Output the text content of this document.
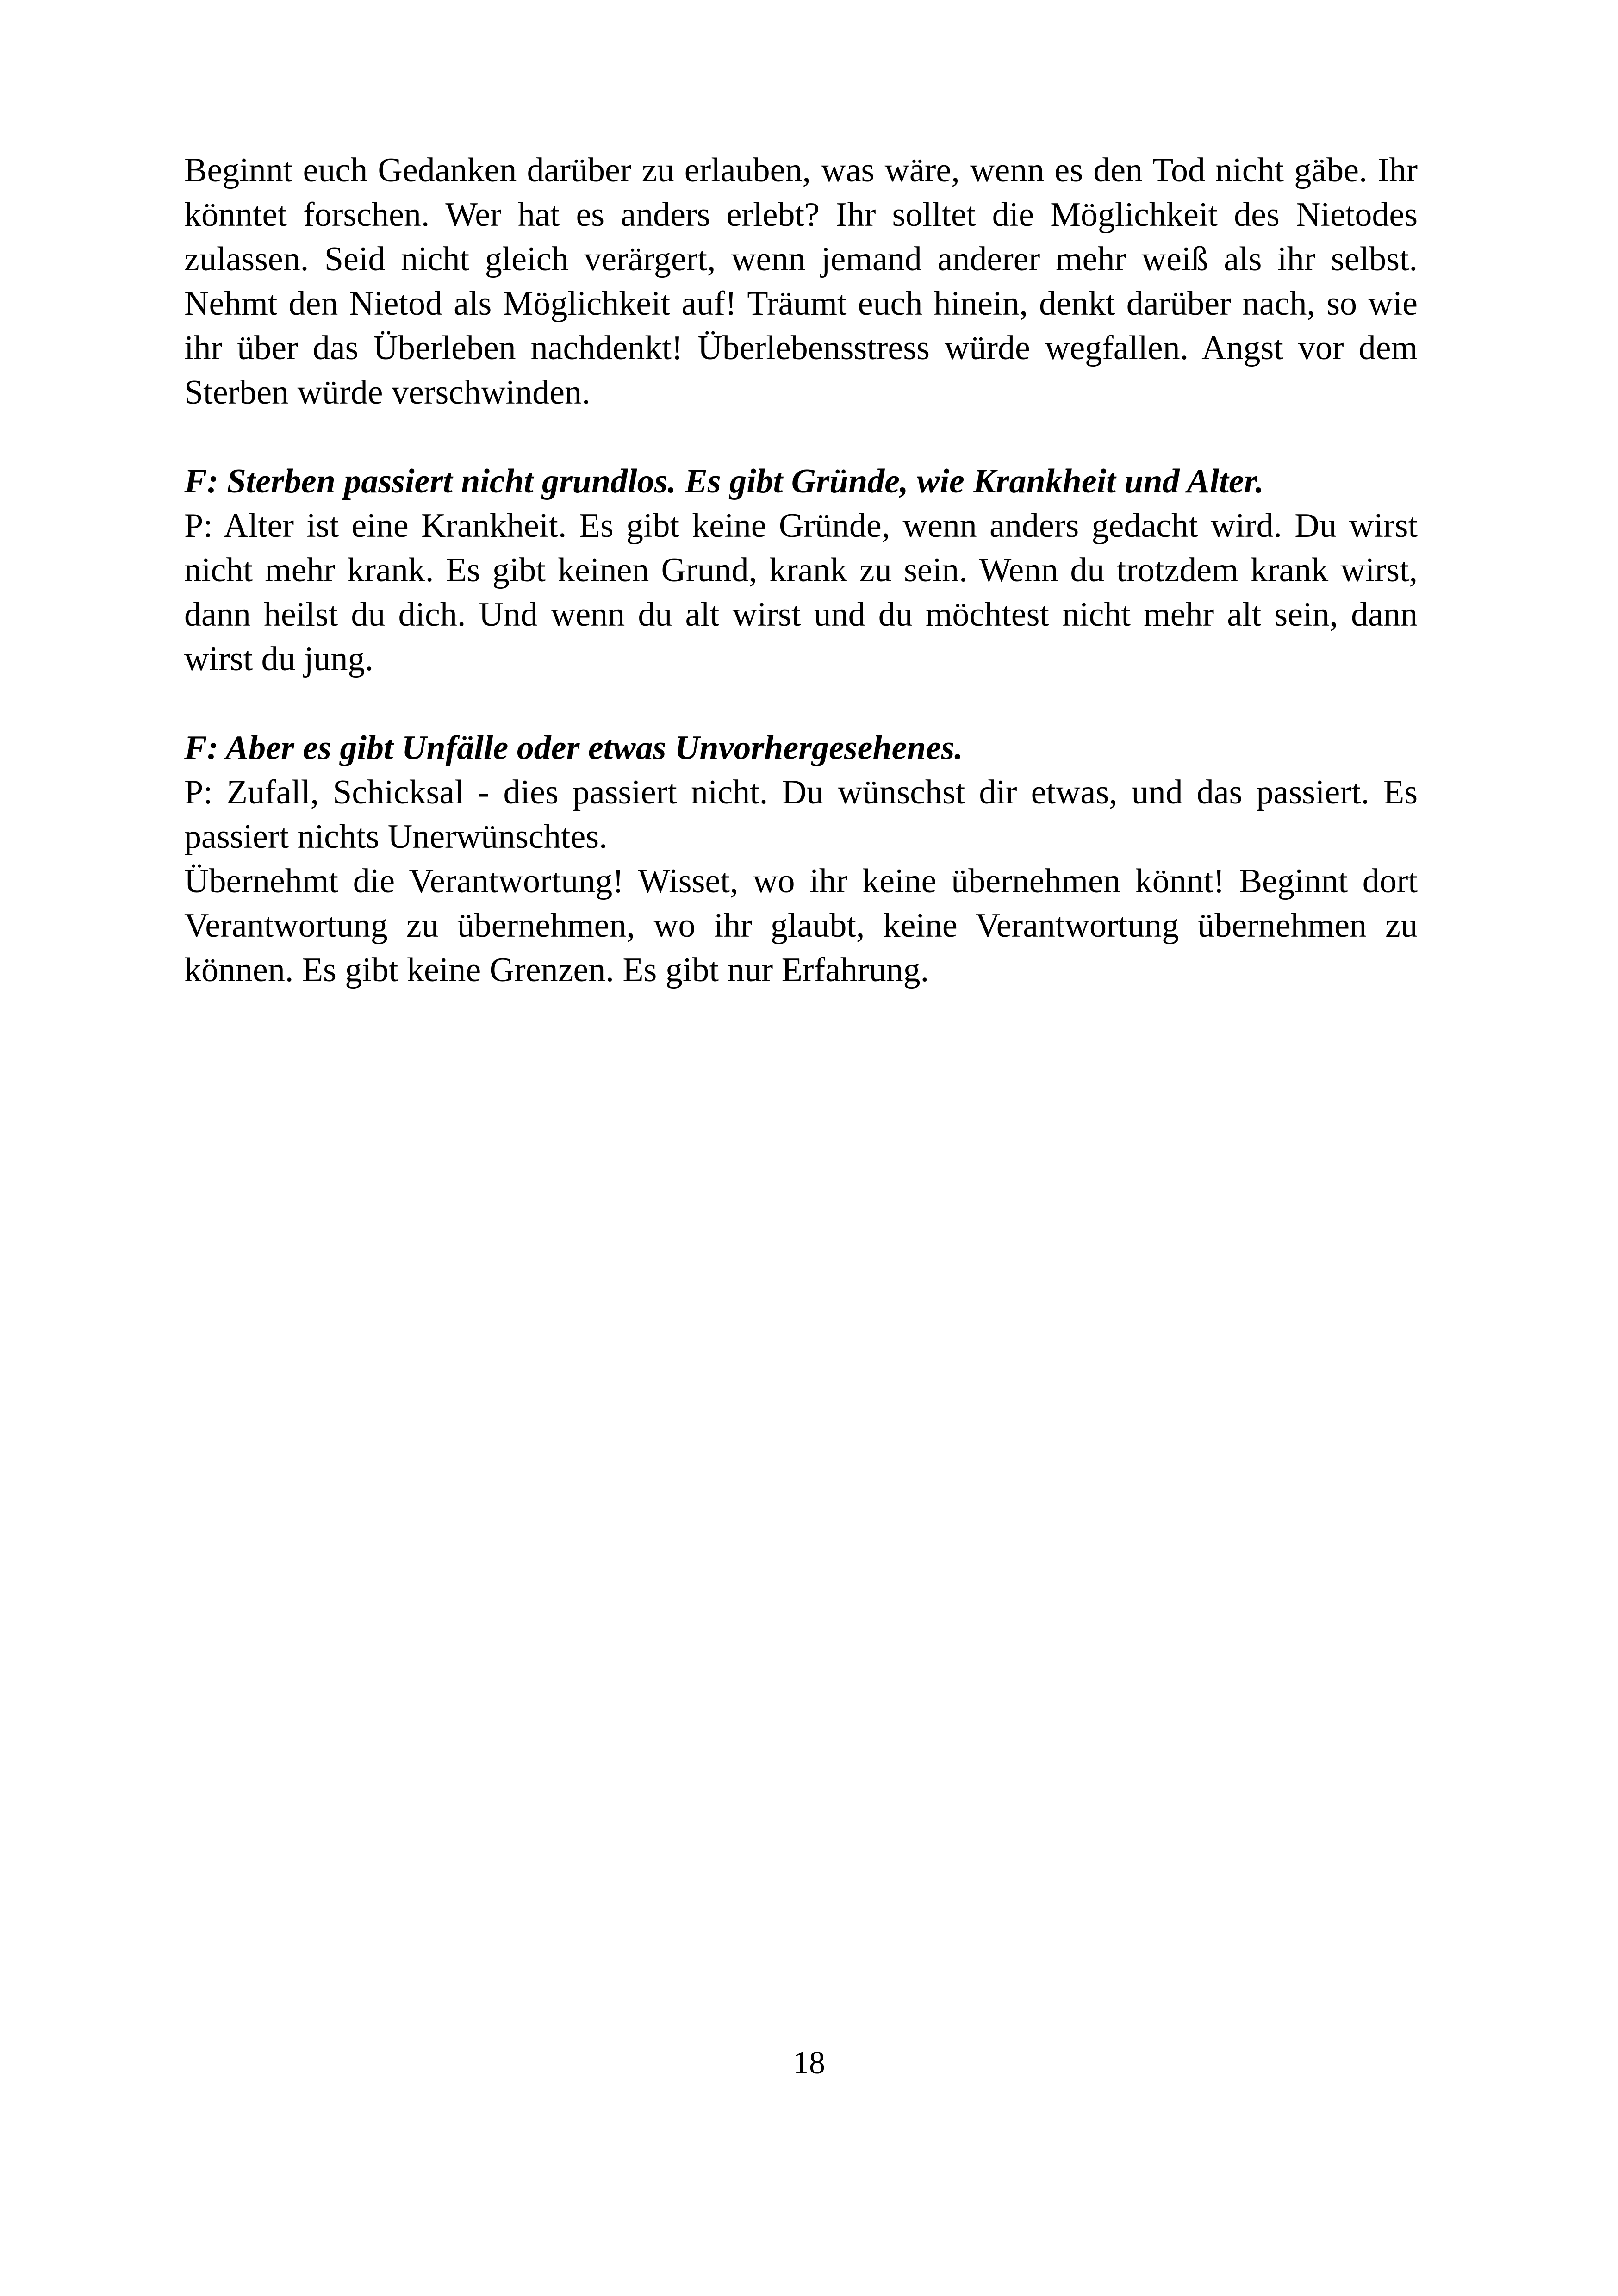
Beginnt euch Gedanken darüber zu erlauben, was wäre, wenn es den Tod nicht gäbe. Ihr könntet forschen. Wer hat es anders erlebt? Ihr solltet die Möglichkeit des Nietodes zulassen. Seid nicht gleich verärgert, wenn jemand anderer mehr weiß als ihr selbst. Nehmt den Nietod als Möglichkeit auf! Träumt euch hinein, denkt darüber nach, so wie ihr über das Überleben nachdenkt! Überlebensstress würde wegfallen. Angst vor dem Sterben würde verschwinden.

F: Sterben passiert nicht grundlos. Es gibt Gründe, wie Krankheit und Alter.

P: Alter ist eine Krankheit. Es gibt keine Gründe, wenn anders gedacht wird. Du wirst nicht mehr krank. Es gibt keinen Grund, krank zu sein. Wenn du trotzdem krank wirst, dann heilst du dich. Und wenn du alt wirst und du möchtest nicht mehr alt sein, dann wirst du jung.

F: Aber es gibt Unfälle oder etwas Unvorhergesehenes.

P: Zufall, Schicksal - dies passiert nicht. Du wünschst dir etwas, und das passiert. Es passiert nichts Unerwünschtes.

Übernehmt die Verantwortung! Wisset, wo ihr keine übernehmen könnt! Beginnt dort Verantwortung zu übernehmen, wo ihr glaubt, keine Verantwortung übernehmen zu können. Es gibt keine Grenzen. Es gibt nur Erfahrung.

18
